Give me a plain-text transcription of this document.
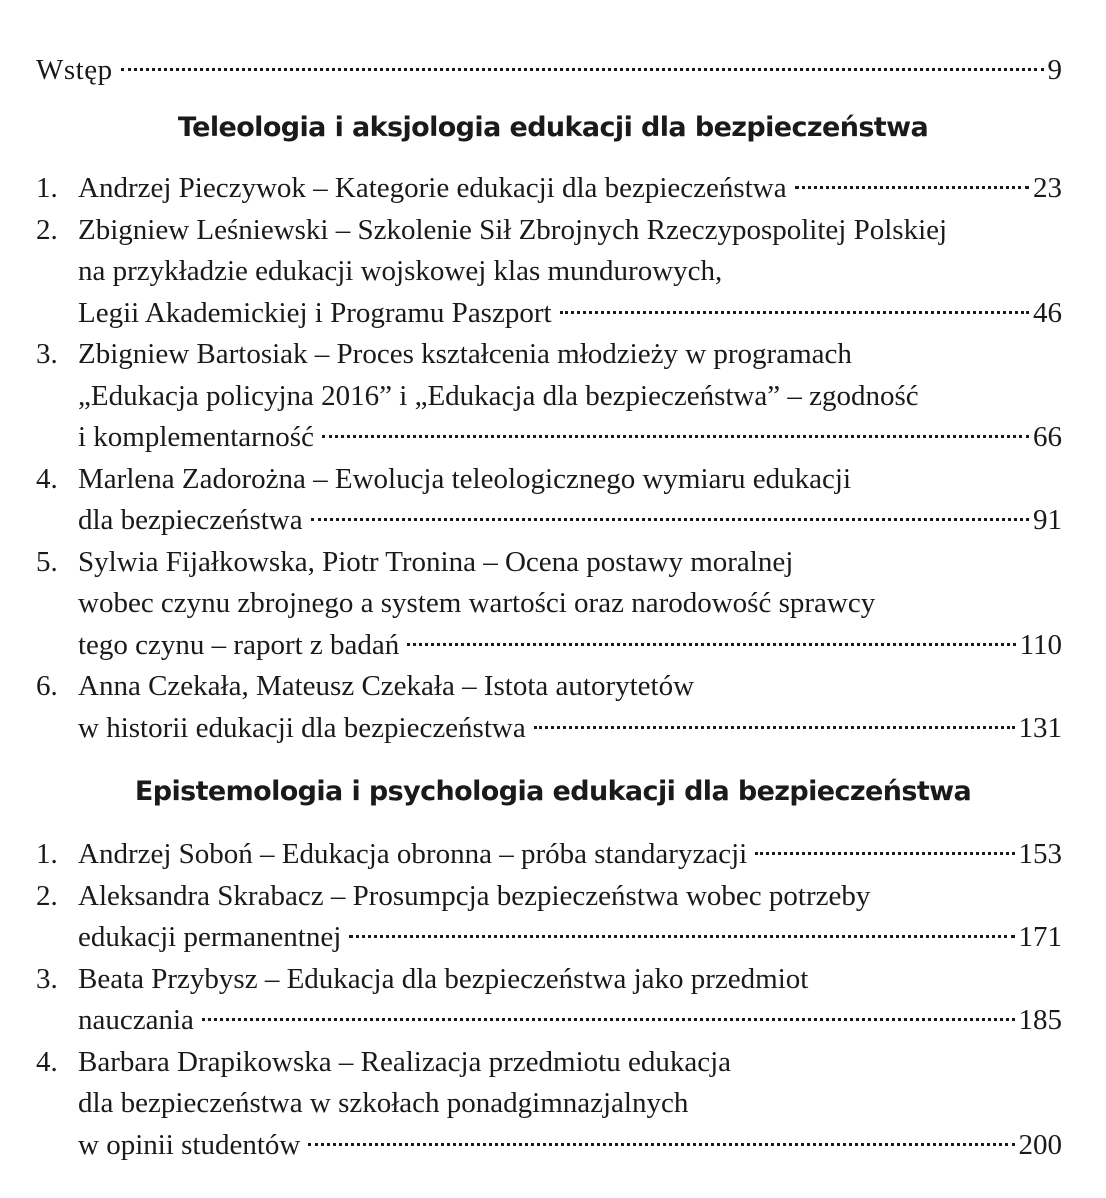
Wstęp	9
Teleologia i aksjologia edukacji dla bezpieczeństwa
1. Andrzej Pieczywok – Kategorie edukacji dla bezpieczeństwa	23
2. Zbigniew Leśniewski – Szkolenie Sił Zbrojnych Rzeczypospolitej Polskiej
na przykładzie edukacji wojskowej klas mundurowych,
Legii Akademickiej i Programu Paszport	46
3. Zbigniew Bartosiak – Proces kształcenia młodzieży w programach
„Edukacja policyjna 2016” i „Edukacja dla bezpieczeństwa” – zgodność
i komplementarność	66
4. Marlena Zadorożna – Ewolucja teleologicznego wymiaru edukacji
dla bezpieczeństwa	91
5. Sylwia Fijałkowska, Piotr Tronina – Ocena postawy moralnej
wobec czynu zbrojnego a system wartości oraz narodowość sprawcy
tego czynu – raport z badań	110
6. Anna Czekała, Mateusz Czekała – Istota autorytetów
w historii edukacji dla bezpieczeństwa	131
Epistemologia i psychologia edukacji dla bezpieczeństwa
1. Andrzej Soboń – Edukacja obronna – próba standaryzacji	153
2. Aleksandra Skrabacz – Prosumpcja bezpieczeństwa wobec potrzeby
edukacji permanentnej	171
3. Beata Przybysz – Edukacja dla bezpieczeństwa jako przedmiot
nauczania	185
4. Barbara Drapikowska – Realizacja przedmiotu edukacja
dla bezpieczeństwa w szkołach ponadgimnazjalnych
w opinii studentów	200
